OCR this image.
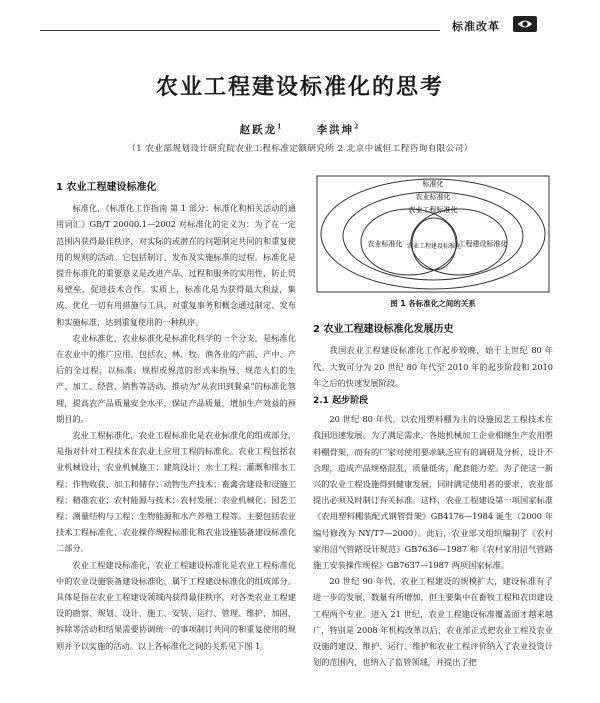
标准改革
农业工程建设标准化的思考
赵跃龙$^1$	李洪坤$^2$
（1 农业部规划设计研究院农业工程标准定额研究所 2 北京中诚恒工程咨询有限公司）

1 农业工程建设标准化

标准化，《标准化工作指南 第 1 部分：标准化和相关活动的通用词汇》GB/T 20000.1—2002 对标准化的定义为：为了在一定范围内获得最佳秩序，对实际的或潜在的问题制定共同的和重复使用的规则的活动。它包括制订、发布及实施标准的过程。标准化是提升标准化的重要意义是改进产品、过程和服务的实用性，防止贸易壁垒，促进技术合作。实质上，标准化是为获得最大利益，集成、优化一切有用措施与工具，对重复事务和概念通过制定、发布和实施标准，达到重复使用的一种秩序。

农业标准化，农业标准化是标准化科学的一个分支，是标准化在农业中的推广应用。包括农、林、牧、渔各业的产前、产中、产后的全过程，以标准、规程或规范的形式来指导、规范人们的生产、加工、经营、销售等活动，推动为“从农田到餐桌”的标准化管理，提高农产品质量安全水平，保证产品质量，增加生产效益的预期目的。

农业工程标准化，农业工程标准化是农业标准化的组成部分，是指对针对工程技术在农业上应用工程的标准化。农业工程包括农业机械设计，农业机械施工；建筑设计；水土工程；灌溉和排水工程；作物收获、加工和储存；动物生产技术；畜禽舍建设和设施工程；精准农业；农村能源与技术；农村发展；农业机械化；园艺工程；测量结构与工程；生物能源和水产养殖工程等。主要包括农业技术工程标准化、农业操作规程标准化和农业设施装备建设标准化二部分。

农业工程建设标准化，农业工程建设标准化是农业工程标准化中的农业设施装备建设标准化，属于工程建设标准化的组成部分。具体是指在农业工程建设领域内获得最佳秩序，对各类农业工程建设的勘察、规划、设计、施工、安装、运行、管理、维护，加固、拆除等活动和结果需要协调统一的事项制订共同的和重复使用的规则并予以实施的活动。以上各标准化之间的关系见下图 1。

标准化
农业标准化
农业工程标准化
农业标准化	工程建设标准化
农业工程建设标准化

图 1 各标准化之间的关系

2 农业工程建设标准化发展历史

我国农业工程建设标准化工作起步较晚，始于上世纪 80 年代。大致可分为 20 世纪 80 年代至 2010 年的起步阶段和 2010 年之后的快速发展阶段。

2.1 起步阶段

20 世纪 80 年代，以农用塑料棚为主的设施园艺工程技术在我国迅速发展。为了满足需求，各地机械加工企业相继生产农用塑料棚骨架，而有的厂家对使用要求缺乏应有的调研及分析，设计不合理，造成产品规格混乱，质量低劣，配套能力差。为了使这一新兴的农业工程设施得到健康发展，同时满足使用者的要求，农业部提出必须及时制订有关标准。这样，农业工程建设第一项国家标准《农用塑料棚装配式钢管骨架》GB4176—1984 诞生（2000 年编号修改为 NY/T7—2000）。此后，农业部又组织编制了《农村家用沼气管路设计规范》GB7636—1987 和《农村家用沼气管路施工安装操作规程》GB7637—1987 两项国家标准。

20 世纪 90 年代，农业工程建设的规模扩大，建设标准有了进一步的发展，数量有所增加，但主要集中在畜牧工程和农田建设工程两个专业。进入 21 世纪，农业工程建设标准覆盖面才越来越广，特别是 2008 年机构改革以后，农业部正式把农业工程及农业设施的建设、维护、运行、维护和农业工程评价纳入了农业投资计划的范围内，也纳入了监管领域，并提出了把
